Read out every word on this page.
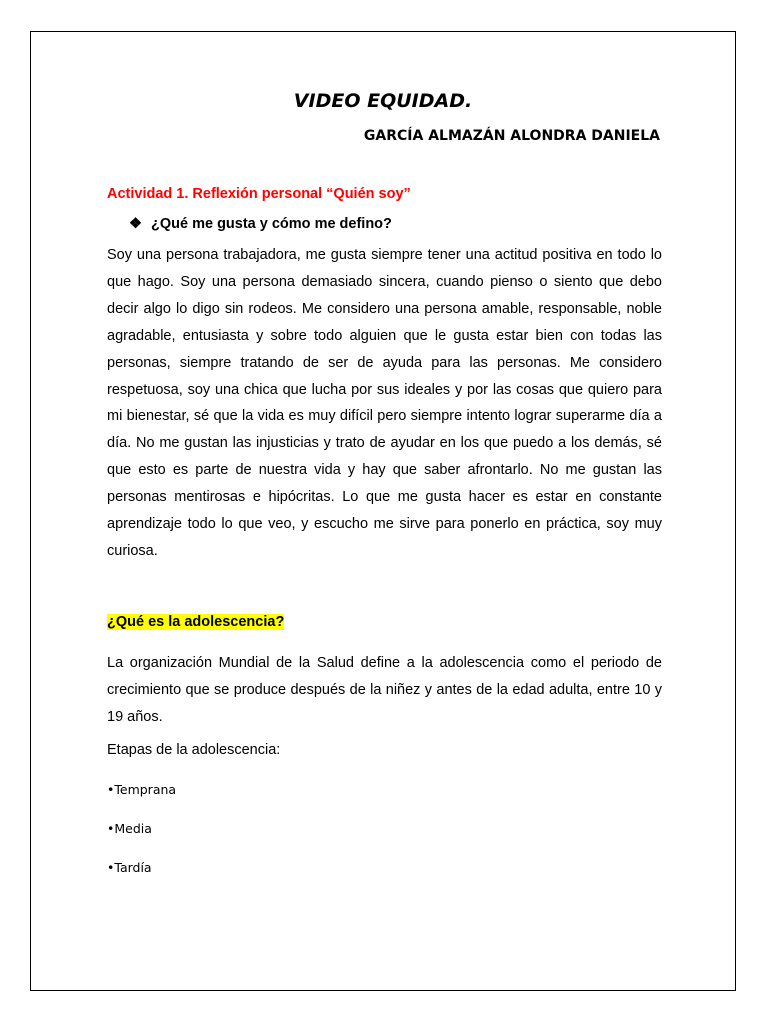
VIDEO EQUIDAD.

GARCÍA ALMAZÁN ALONDRA DANIELA

Actividad 1. Reflexión personal “Quién soy”

❖ ¿Qué me gusta y cómo me defino?

Soy una persona trabajadora, me gusta siempre tener una actitud positiva en todo lo que hago. Soy una persona demasiado sincera, cuando pienso o siento que debo decir algo lo digo sin rodeos. Me considero una persona amable, responsable, noble agradable, entusiasta y sobre todo alguien que le gusta estar bien con todas las personas, siempre tratando de ser de ayuda para las personas. Me considero respetuosa, soy una chica que lucha por sus ideales y por las cosas que quiero para mi bienestar, sé que la vida es muy difícil pero siempre intento lograr superarme día a día. No me gustan las injusticias y trato de ayudar en los que puedo a los demás, sé que esto es parte de nuestra vida y hay que saber afrontarlo. No me gustan las personas mentirosas e hipócritas. Lo que me gusta hacer es estar en constante aprendizaje todo lo que veo, y escucho me sirve para ponerlo en práctica, soy muy curiosa.

¿Qué es la adolescencia?

La organización Mundial de la Salud define a la adolescencia como el periodo de crecimiento que se produce después de la niñez y antes de la edad adulta, entre 10 y 19 años.

Etapas de la adolescencia:

•Temprana

•Media

•Tardía
